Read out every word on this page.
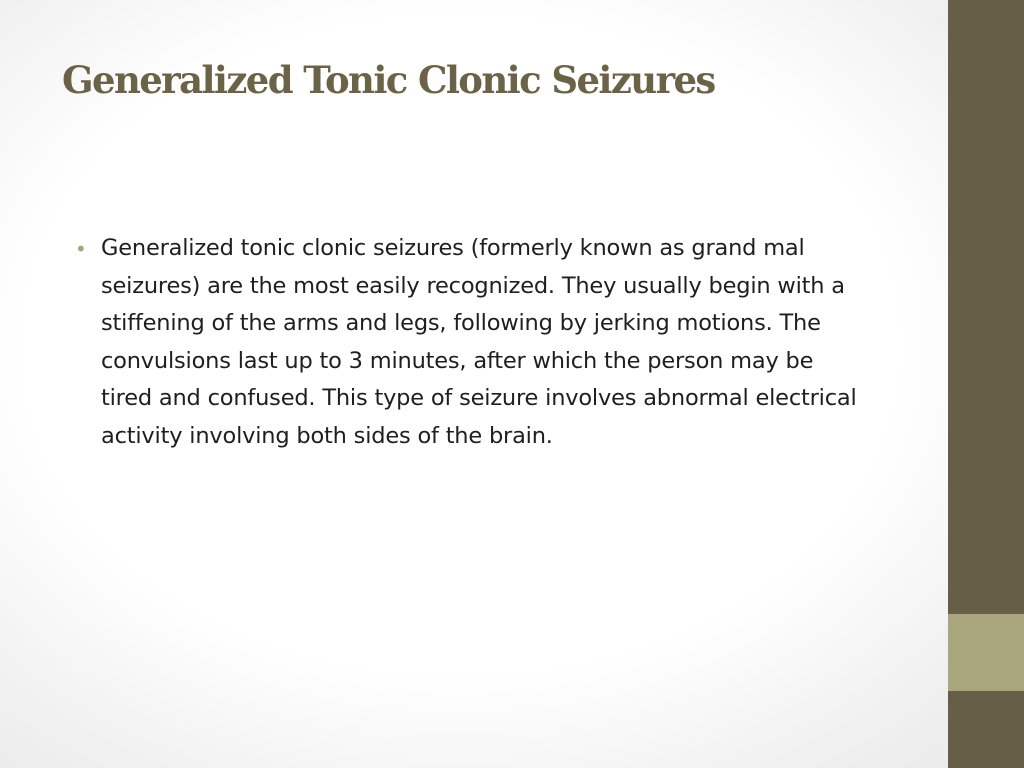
Generalized Tonic Clonic Seizures
• Generalized tonic clonic seizures (formerly known as grand mal seizures) are the most easily recognized. They usually begin with a stiffening of the arms and legs, following by jerking motions. The convulsions last up to 3 minutes, after which the person may be tired and confused. This type of seizure involves abnormal electrical activity involving both sides of the brain.
